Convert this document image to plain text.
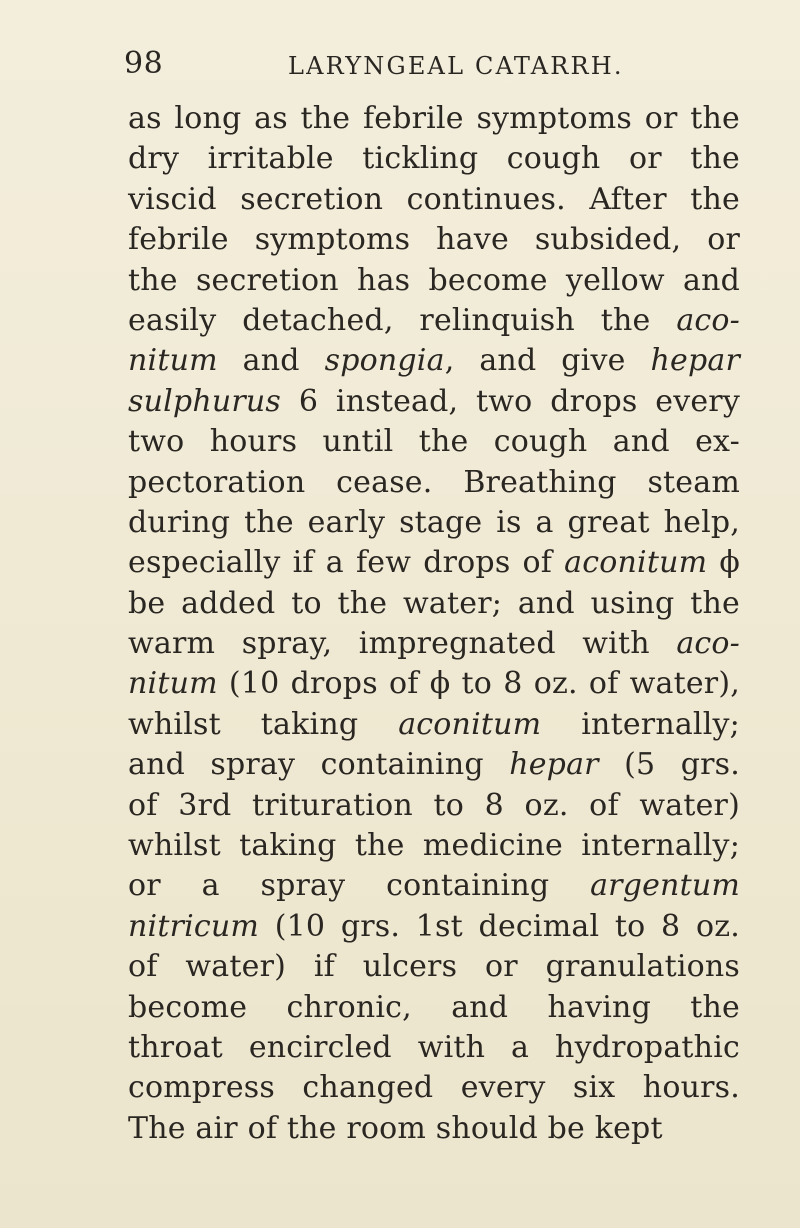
98	LARYNGEAL CATARRH.
as long as the febrile symptoms or the
dry irritable tickling cough or the
viscid secretion continues. After the
febrile symptoms have subsided, or
the secretion has become yellow and
easily detached, relinquish the aco-
nitum and spongia, and give hepar
sulphurus 6 instead, two drops every
two hours until the cough and ex-
pectoration cease. Breathing steam
during the early stage is a great help,
especially if a few drops of aconitum ϕ
be added to the water; and using the
warm spray, impregnated with aco-
nitum (10 drops of ϕ to 8 oz. of water),
whilst taking aconitum internally;
and spray containing hepar (5 grs.
of 3rd trituration to 8 oz. of water)
whilst taking the medicine internally;
or a spray containing argentum
nitricum (10 grs. 1st decimal to 8 oz.
of water) if ulcers or granulations
become chronic, and having the
throat encircled with a hydropathic
compress changed every six hours.
The air of the room should be kept
